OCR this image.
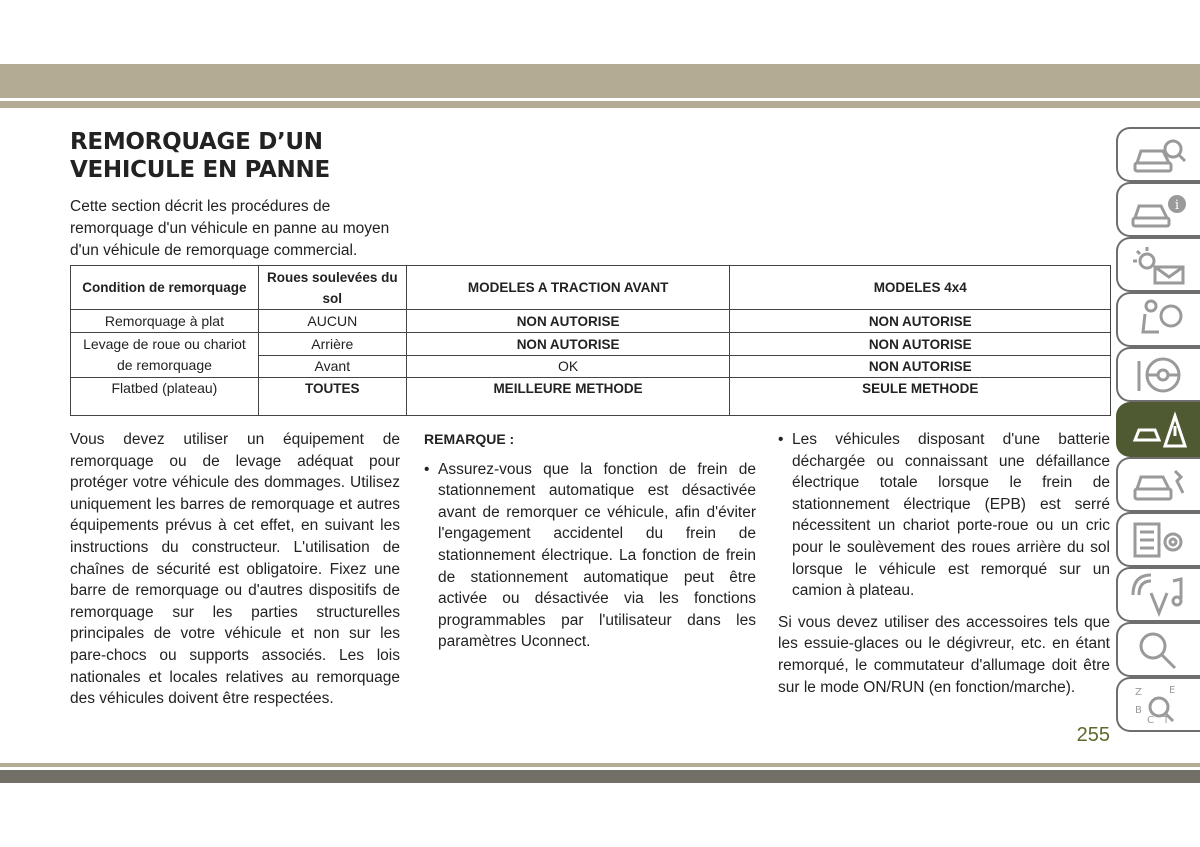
REMORQUAGE D’UN VEHICULE EN PANNE
Cette section décrit les procédures de remorquage d'un véhicule en panne au moyen d'un véhicule de remorquage commercial.
Condition de remorquage	Roues soulevées du sol	MODELES A TRACTION AVANT	MODELES 4x4
Remorquage à plat	AUCUN	NON AUTORISE	NON AUTORISE
Levage de roue ou chariot de remorquage	Arrière	NON AUTORISE	NON AUTORISE
	Avant	OK	NON AUTORISE
Flatbed (plateau)	TOUTES	MEILLEURE METHODE	SEULE METHODE
Vous devez utiliser un équipement de remorquage ou de levage adéquat pour protéger votre véhicule des dommages. Utilisez uniquement les barres de remorquage et autres équipements prévus à cet effet, en suivant les instructions du constructeur. L'utilisation de chaînes de sécurité est obligatoire. Fixez une barre de remorquage ou d'autres dispositifs de remorquage sur les parties structurelles principales de votre véhicule et non sur les pare-chocs ou supports associés. Les lois nationales et locales relatives au remorquage des véhicules doivent être respectées.
REMARQUE :
• Assurez-vous que la fonction de frein de stationnement automatique est désactivée avant de remorquer ce véhicule, afin d'éviter l'engagement accidentel du frein de stationnement électrique. La fonction de frein de stationnement automatique peut être activée ou désactivée via les fonctions programmables par l'utilisateur dans les paramètres Uconnect.
• Les véhicules disposant d'une batterie déchargée ou connaissant une défaillance électrique totale lorsque le frein de stationnement électrique (EPB) est serré nécessitent un chariot porte-roue ou un cric pour le soulèvement des roues arrière du sol lorsque le véhicule est remorqué sur un camion à plateau.

Si vous devez utiliser des accessoires tels que les essuie-glaces ou le dégivreur, etc. en étant remorqué, le commutateur d'allumage doit être sur le mode ON/RUN (en fonction/marche).

255
i
Z	E
B
C T
